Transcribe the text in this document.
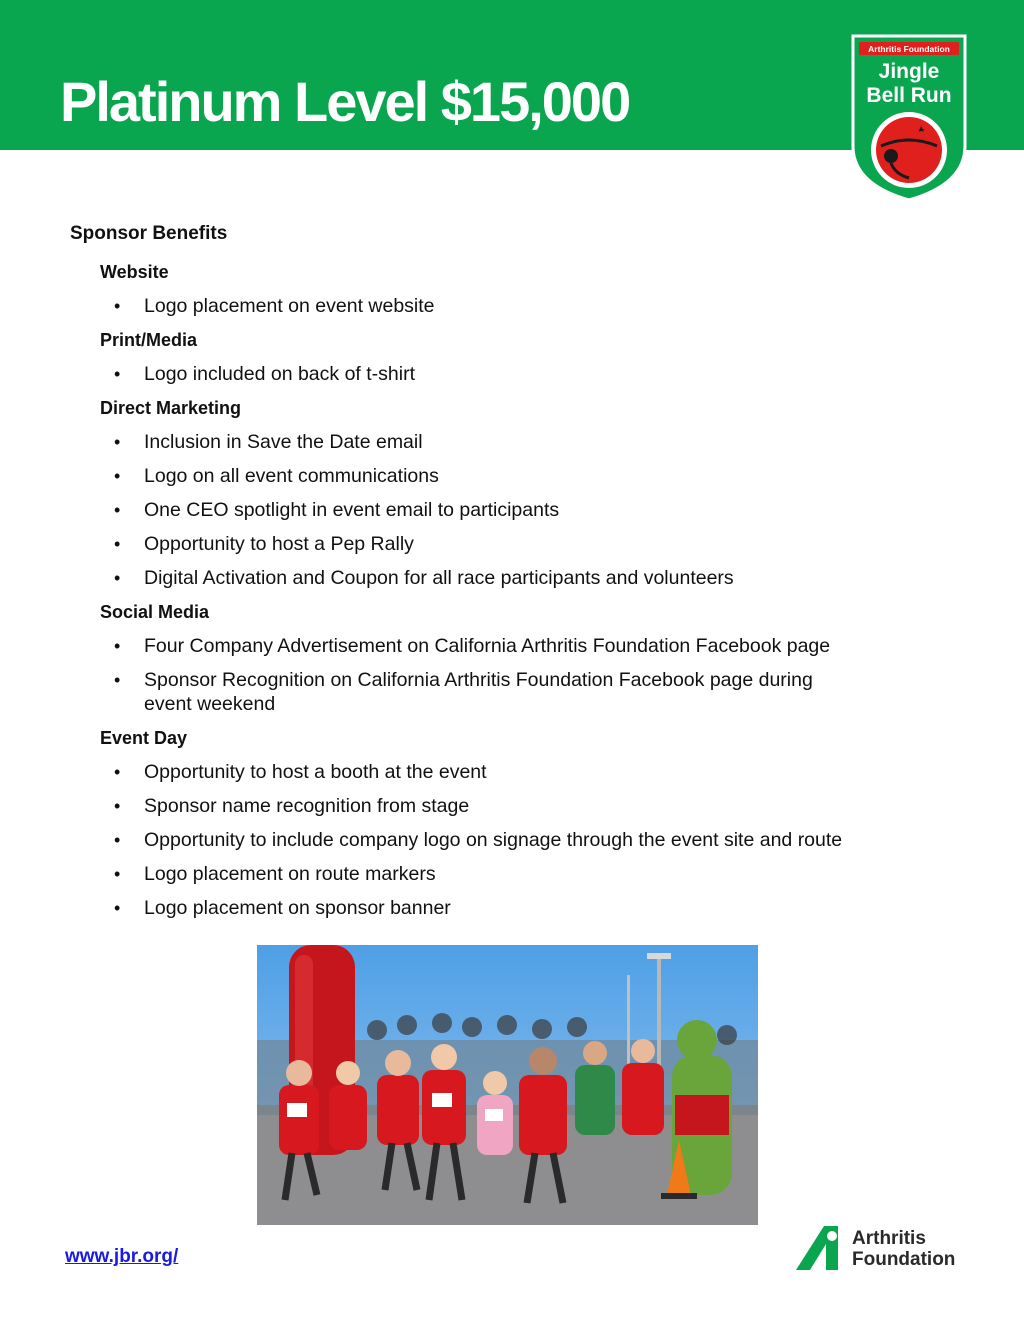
Platinum Level $15,000
Arthritis Foundation
Jingle
Bell Run
Sponsor Benefits
Website
• Logo placement on event website
Print/Media
• Logo included on back of t-shirt
Direct Marketing
• Inclusion in Save the Date email
• Logo on all event communications
• One CEO spotlight in event email to participants
• Opportunity to host a Pep Rally
• Digital Activation and Coupon for all race participants and volunteers
Social Media
• Four Company Advertisement on California Arthritis Foundation Facebook page
• Sponsor Recognition on California Arthritis Foundation Facebook page during event weekend
Event Day
• Opportunity to host a booth at the event
• Sponsor name recognition from stage
• Opportunity to include company logo on signage through the event site and route
• Logo placement on route markers
• Logo placement on sponsor banner
www.jbr.org/
Arthritis
Foundation
